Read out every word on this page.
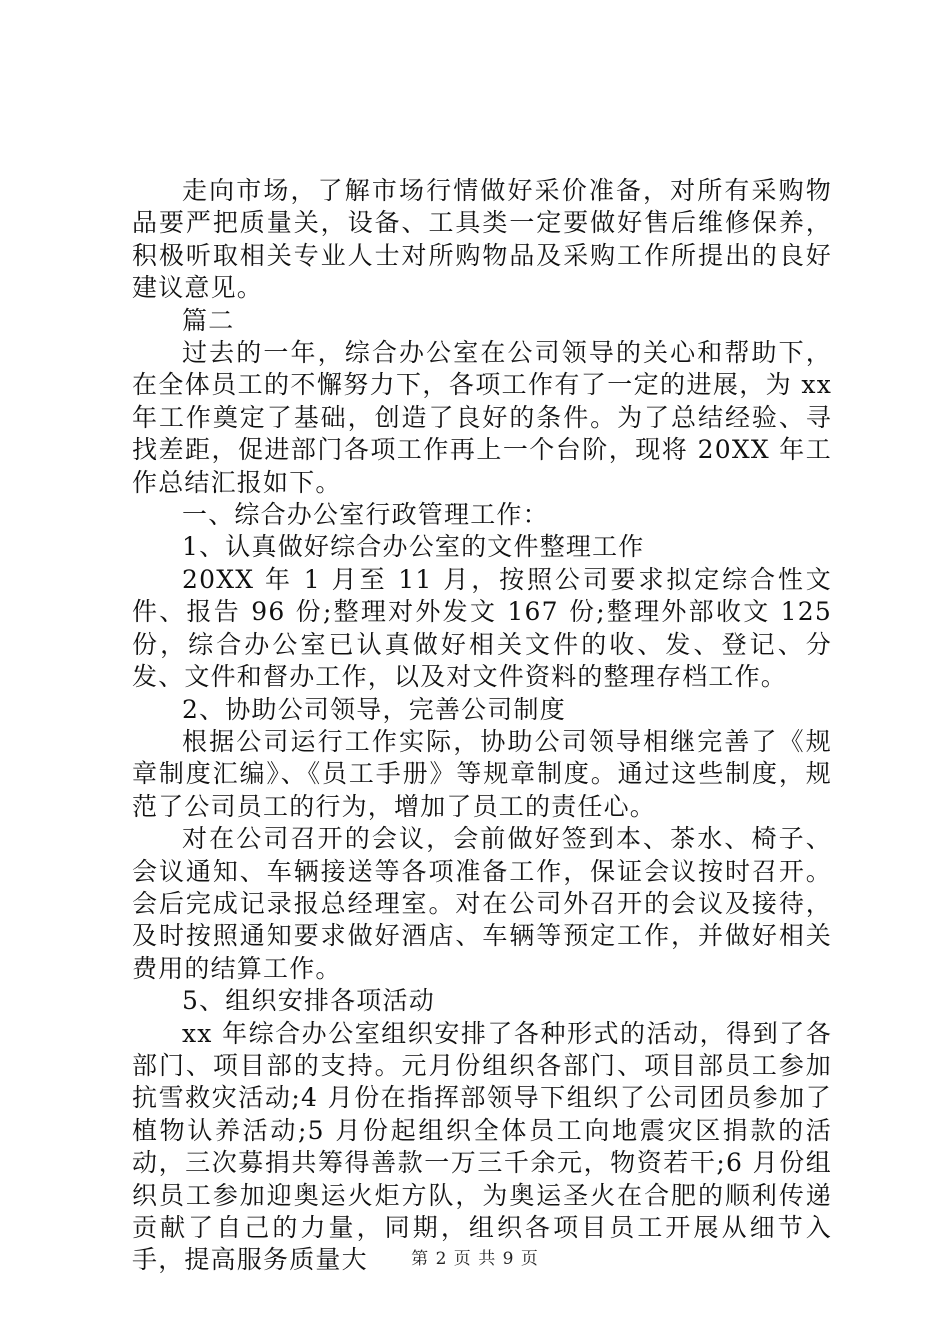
走向市场，了解市场行情做好采价准备，对所有采购物品要严把质量关，设备、工具类一定要做好售后维修保养，积极听取相关专业人士对所购物品及采购工作所提出的良好建议意见。

篇二

过去的一年，综合办公室在公司领导的关心和帮助下，在全体员工的不懈努力下，各项工作有了一定的进展，为 xx 年工作奠定了基础，创造了良好的条件。为了总结经验、寻找差距，促进部门各项工作再上一个台阶，现将 20XX 年工作总结汇报如下。

一、综合办公室行政管理工作：

1、认真做好综合办公室的文件整理工作

20XX 年 1 月至 11 月，按照公司要求拟定综合性文件、报告 96 份;整理对外发文 167 份;整理外部收文 125 份，综合办公室已认真做好相关文件的收、发、登记、分发、文件和督办工作，以及对文件资料的整理存档工作。

2、协助公司领导，完善公司制度

根据公司运行工作实际，协助公司领导相继完善了《规章制度汇编》、《员工手册》等规章制度。通过这些制度，规范了公司员工的行为，增加了员工的责任心。

对在公司召开的会议，会前做好签到本、茶水、椅子、会议通知、车辆接送等各项准备工作，保证会议按时召开。会后完成记录报总经理室。对在公司外召开的会议及接待，及时按照通知要求做好酒店、车辆等预定工作，并做好相关费用的结算工作。

5、组织安排各项活动

xx 年综合办公室组织安排了各种形式的活动，得到了各部门、项目部的支持。元月份组织各部门、项目部员工参加抗雪救灾活动;4 月份在指挥部领导下组织了公司团员参加了植物认养活动;5 月份起组织全体员工向地震灾区捐款的活动，三次募捐共筹得善款一万三千余元，物资若干;6 月份组织员工参加迎奥运火炬方队，为奥运圣火在合肥的顺利传递贡献了自己的力量，同期，组织各项目员工开展从细节入手，提高服务质量大	第 2 页 共 9 页
